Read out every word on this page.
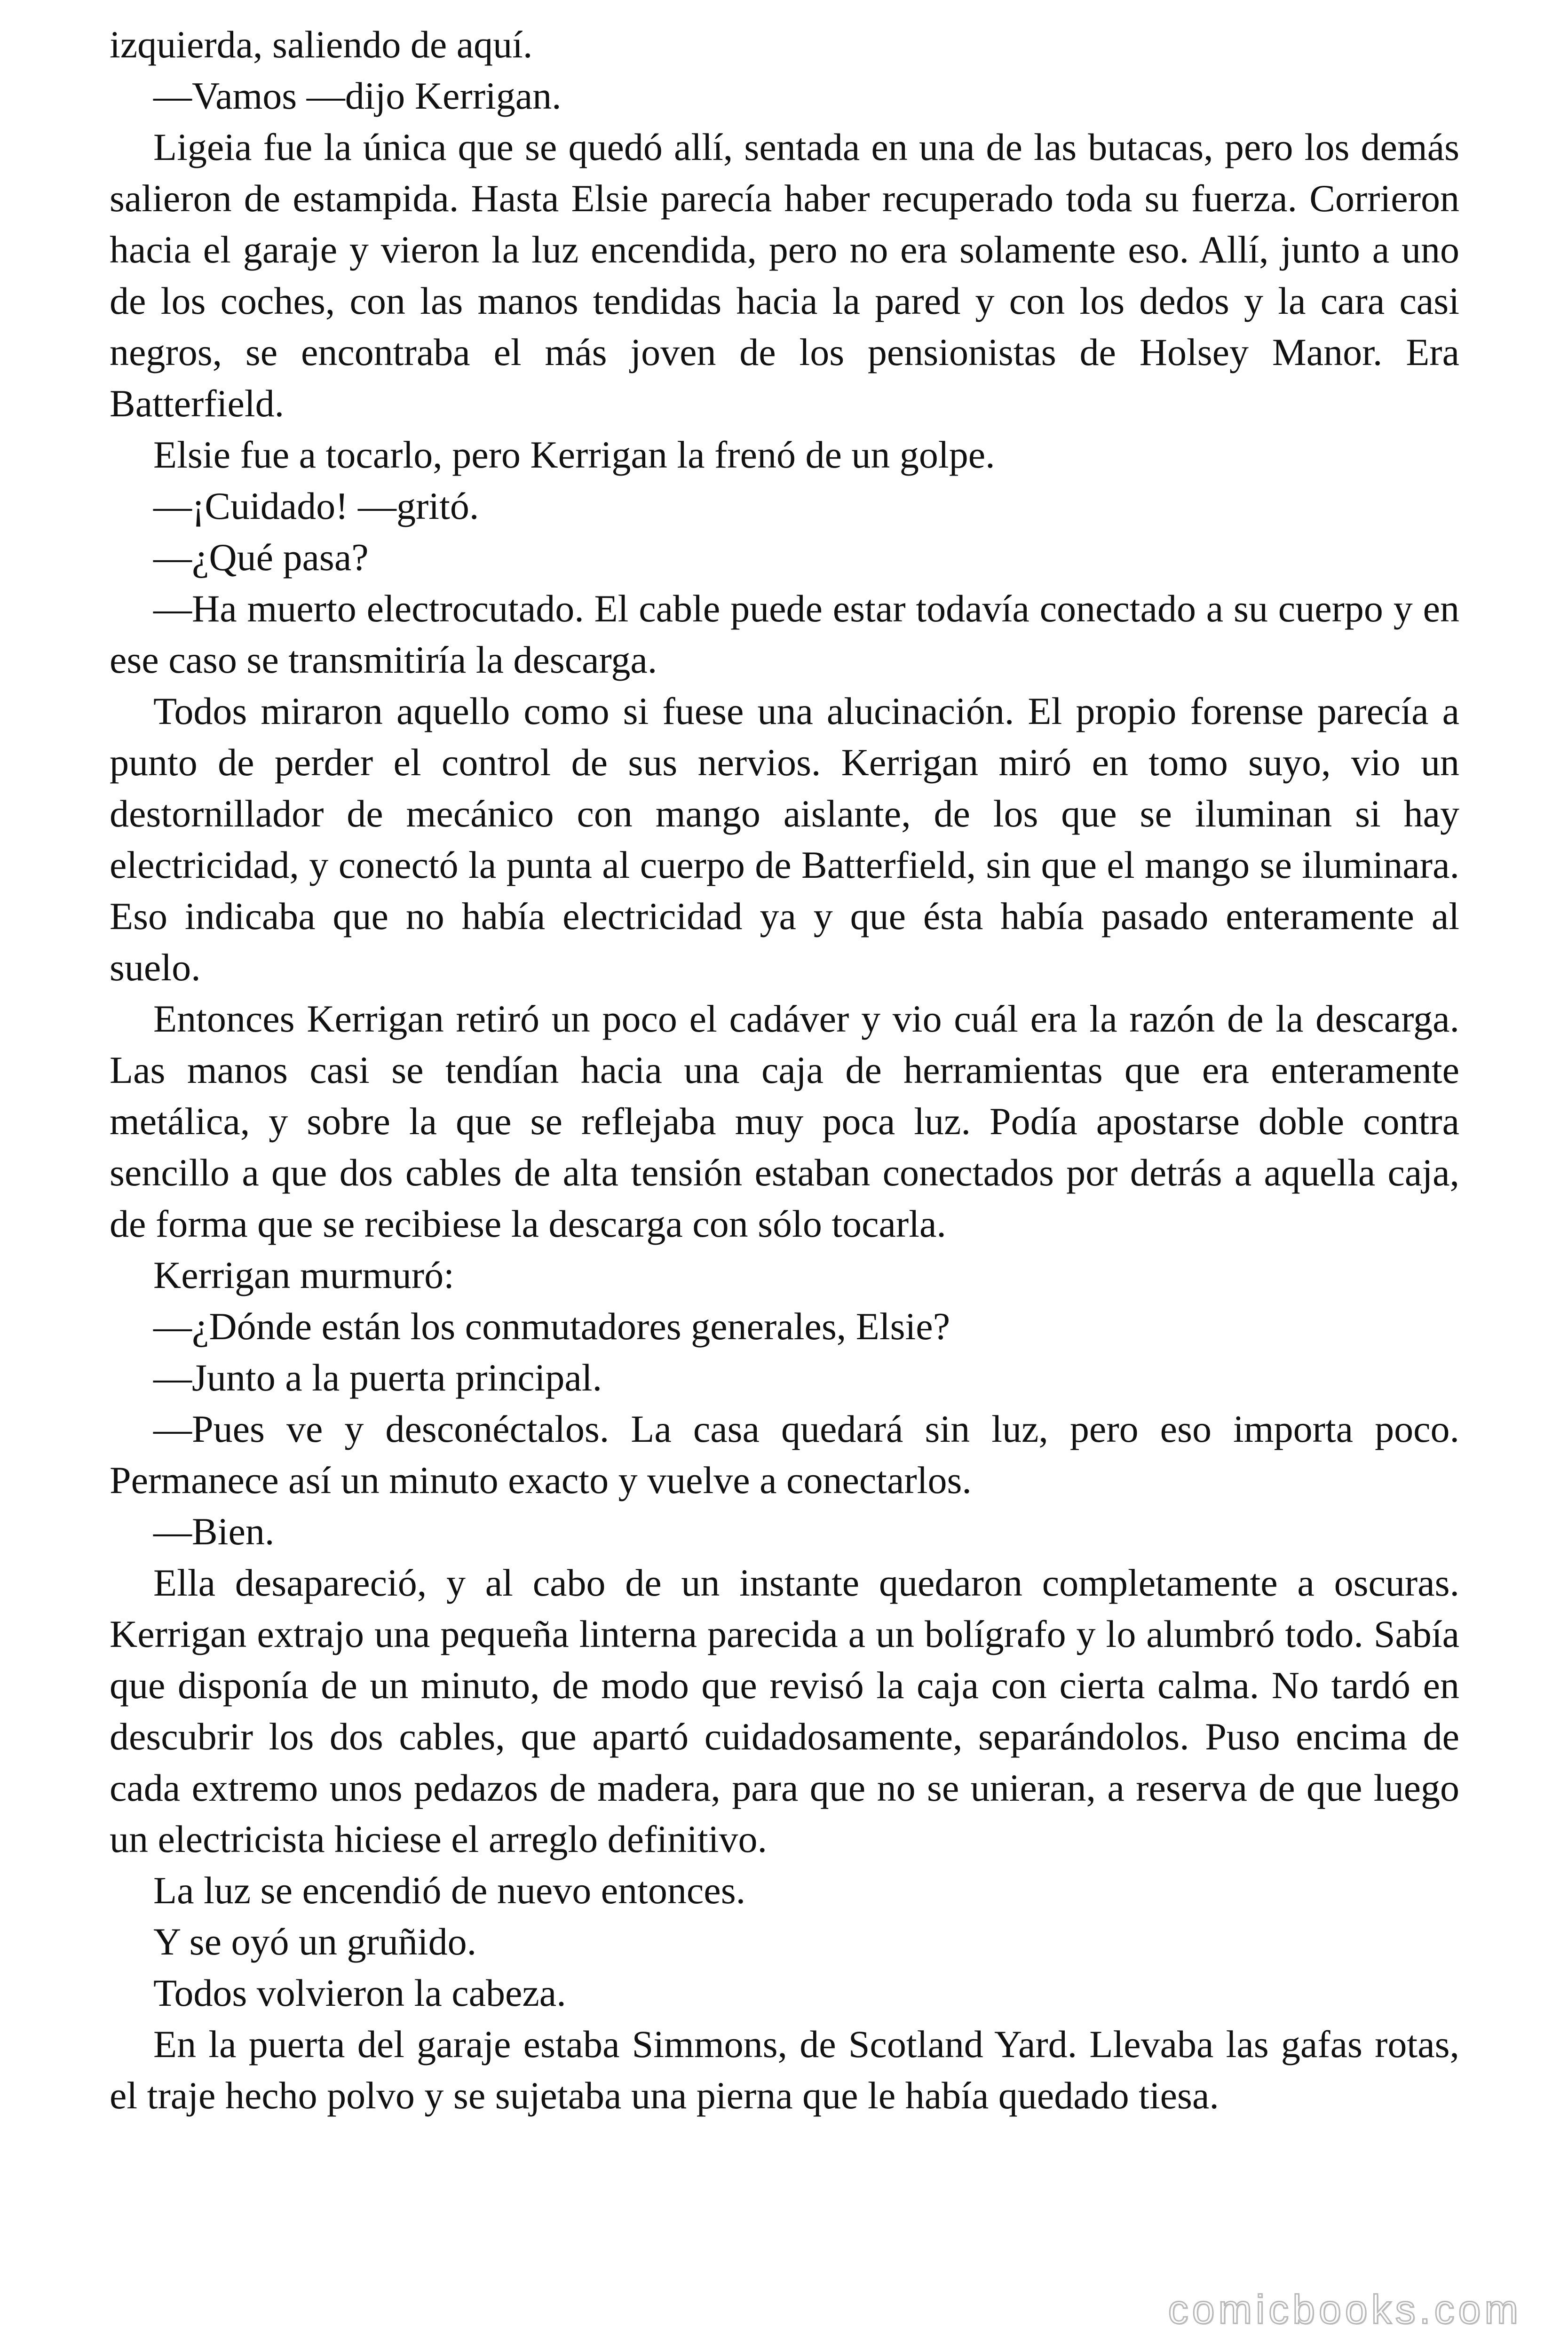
izquierda, saliendo de aquí.

—Vamos —dijo Kerrigan.

Ligeia fue la única que se quedó allí, sentada en una de las butacas, pero los demás salieron de estampida. Hasta Elsie parecía haber recuperado toda su fuerza. Corrieron hacia el garaje y vieron la luz encendida, pero no era solamente eso. Allí, junto a uno de los coches, con las manos tendidas hacia la pared y con los dedos y la cara casi negros, se encontraba el más joven de los pensionistas de Holsey Manor. Era Batterfield.

Elsie fue a tocarlo, pero Kerrigan la frenó de un golpe.

—¡Cuidado! —gritó.

—¿Qué pasa?

—Ha muerto electrocutado. El cable puede estar todavía conectado a su cuerpo y en ese caso se transmitiría la descarga.

Todos miraron aquello como si fuese una alucinación. El propio forense parecía a punto de perder el control de sus nervios. Kerrigan miró en tomo suyo, vio un destornillador de mecánico con mango aislante, de los que se iluminan si hay electricidad, y conectó la punta al cuerpo de Batterfield, sin que el mango se iluminara. Eso indicaba que no había electricidad ya y que ésta había pasado enteramente al suelo.

Entonces Kerrigan retiró un poco el cadáver y vio cuál era la razón de la descarga. Las manos casi se tendían hacia una caja de herramientas que era enteramente metálica, y sobre la que se reflejaba muy poca luz. Podía apostarse doble contra sencillo a que dos cables de alta tensión estaban conectados por detrás a aquella caja, de forma que se recibiese la descarga con sólo tocarla.

Kerrigan murmuró:

—¿Dónde están los conmutadores generales, Elsie?

—Junto a la puerta principal.

—Pues ve y desconéctalos. La casa quedará sin luz, pero eso importa poco. Permanece así un minuto exacto y vuelve a conectarlos.

—Bien.

Ella desapareció, y al cabo de un instante quedaron completamente a oscuras. Kerrigan extrajo una pequeña linterna parecida a un bolígrafo y lo alumbró todo. Sabía que disponía de un minuto, de modo que revisó la caja con cierta calma. No tardó en descubrir los dos cables, que apartó cuidadosamente, separándolos. Puso encima de cada extremo unos pedazos de madera, para que no se unieran, a reserva de que luego un electricista hiciese el arreglo definitivo.

La luz se encendió de nuevo entonces.

Y se oyó un gruñido.

Todos volvieron la cabeza.

En la puerta del garaje estaba Simmons, de Scotland Yard. Llevaba las gafas rotas, el traje hecho polvo y se sujetaba una pierna que le había quedado tiesa.

comicbooks.com
